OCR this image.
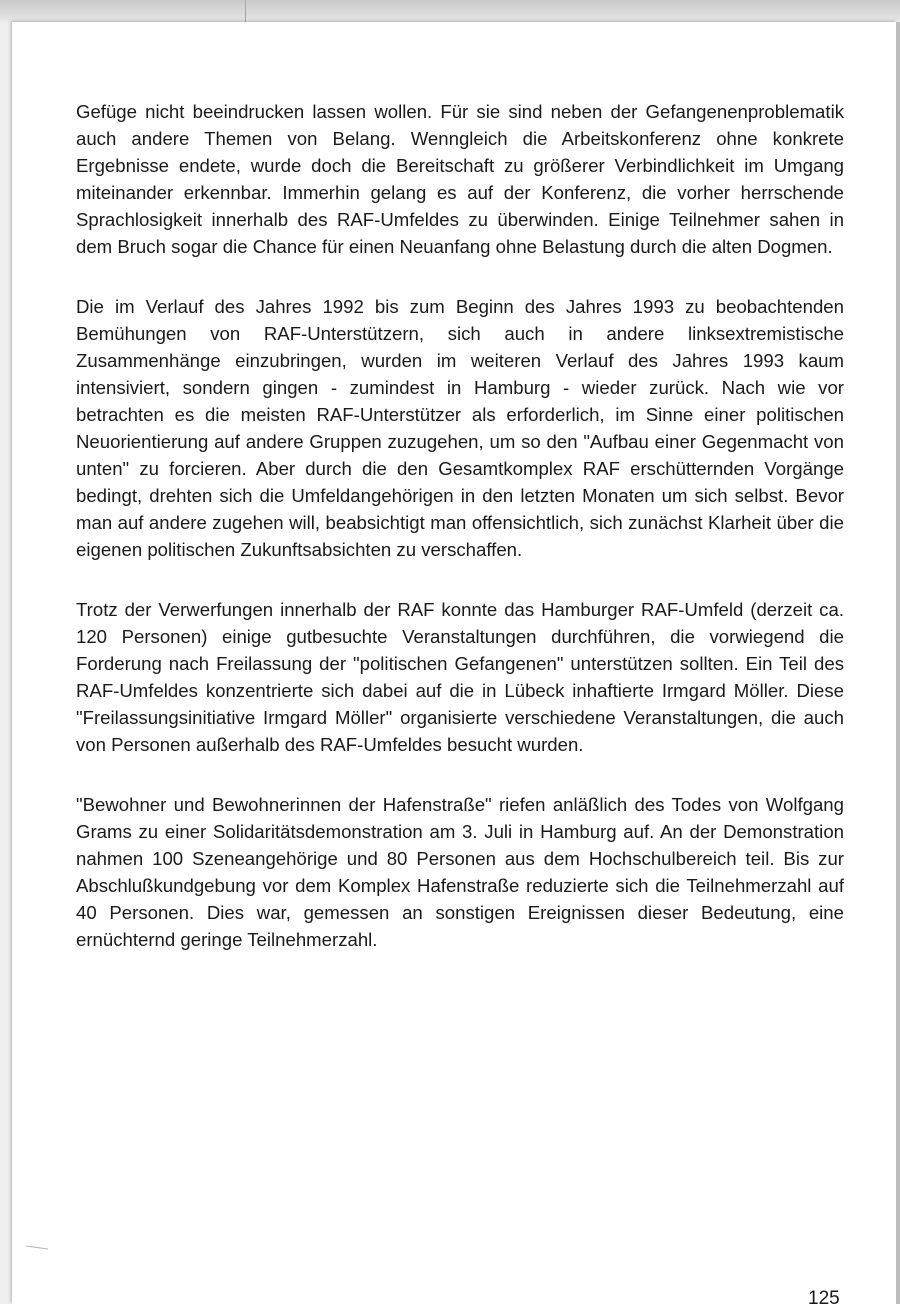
Gefüge nicht beeindrucken lassen wollen. Für sie sind neben der Gefangenenproblematik auch andere Themen von Belang. Wenngleich die Arbeitskonferenz ohne konkrete Ergebnisse endete, wurde doch die Bereitschaft zu größerer Verbindlichkeit im Umgang miteinander erkennbar. Immerhin gelang es auf der Konferenz, die vorher herrschende Sprachlosigkeit innerhalb des RAF-Umfeldes zu überwinden. Einige Teilnehmer sahen in dem Bruch sogar die Chance für einen Neuanfang ohne Belastung durch die alten Dogmen.

Die im Verlauf des Jahres 1992 bis zum Beginn des Jahres 1993 zu beobachtenden Bemühungen von RAF-Unterstützern, sich auch in andere linksextremistische Zusammenhänge einzubringen, wurden im weiteren Verlauf des Jahres 1993 kaum intensiviert, sondern gingen - zumindest in Hamburg - wieder zurück. Nach wie vor betrachten es die meisten RAF-Unterstützer als erforderlich, im Sinne einer politischen Neuorientierung auf andere Gruppen zuzugehen, um so den "Aufbau einer Gegenmacht von unten" zu forcieren. Aber durch die den Gesamtkomplex RAF erschütternden Vorgänge bedingt, drehten sich die Umfeldangehörigen in den letzten Monaten um sich selbst. Bevor man auf andere zugehen will, beabsichtigt man offensichtlich, sich zunächst Klarheit über die eigenen politischen Zukunftsabsichten zu verschaffen.

Trotz der Verwerfungen innerhalb der RAF konnte das Hamburger RAF-Umfeld (derzeit ca. 120 Personen) einige gutbesuchte Veranstaltungen durchführen, die vorwiegend die Forderung nach Freilassung der "politischen Gefangenen" unterstützen sollten. Ein Teil des RAF-Umfeldes konzentrierte sich dabei auf die in Lübeck inhaftierte Irmgard Möller. Diese "Freilassungsinitiative Irmgard Möller" organisierte verschiedene Veranstaltungen, die auch von Personen außerhalb des RAF-Umfeldes besucht wurden.

"Bewohner und Bewohnerinnen der Hafenstraße" riefen anläßlich des Todes von Wolfgang Grams zu einer Solidaritätsdemonstration am 3. Juli in Hamburg auf. An der Demonstration nahmen 100 Szeneangehörige und 80 Personen aus dem Hochschulbereich teil. Bis zur Abschlußkundgebung vor dem Komplex Hafenstraße reduzierte sich die Teilnehmerzahl auf 40 Personen. Dies war, gemessen an sonstigen Ereignissen dieser Bedeutung, eine ernüchternd geringe Teilnehmerzahl.

125
